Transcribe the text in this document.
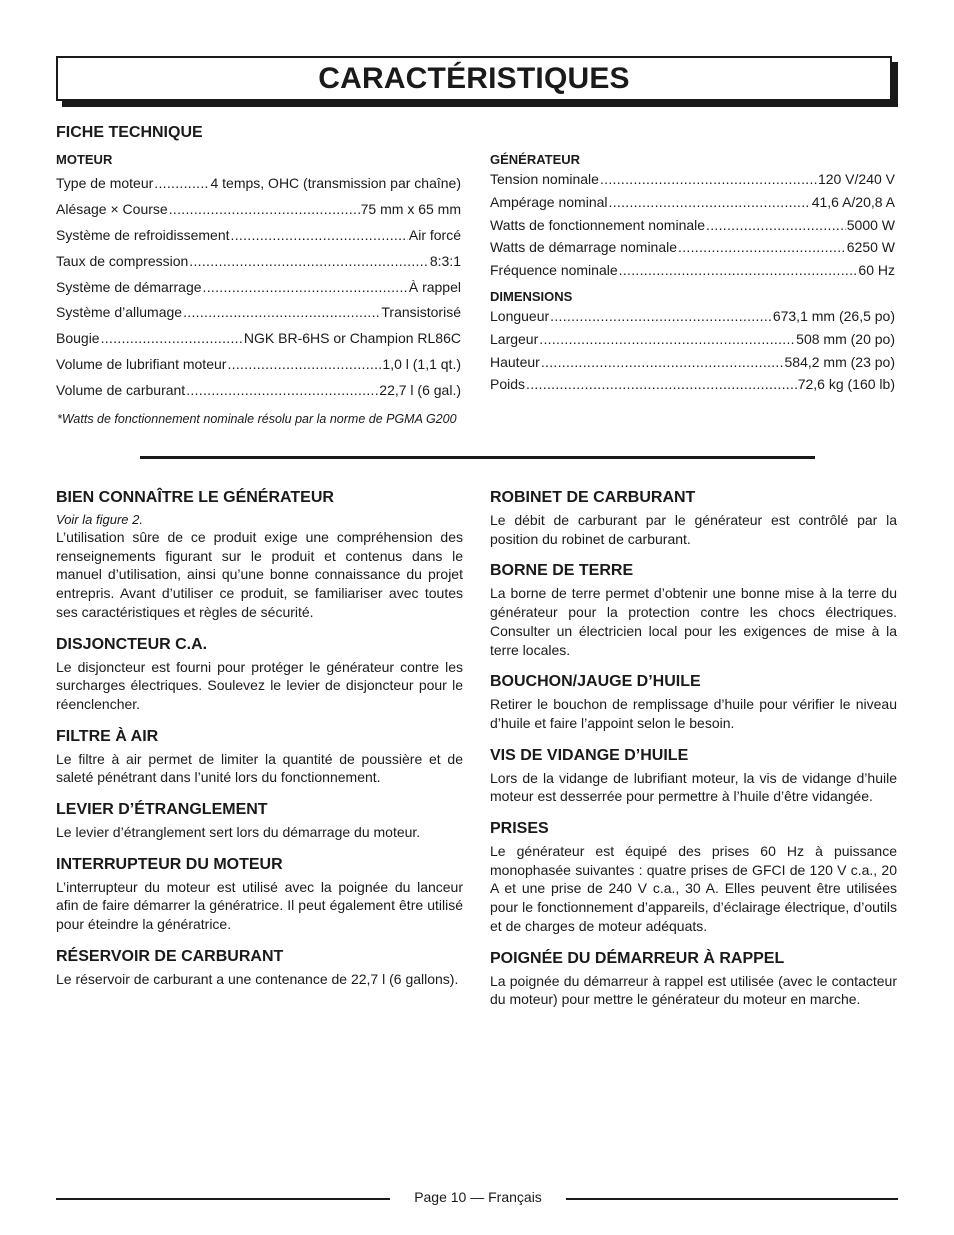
CARACTÉRISTIQUES
FICHE TECHNIQUE
MOTEUR
Type de moteur .....	4 temps, OHC (transmission par chaîne)
Alésage × Course .....	75 mm x 65 mm
Système de refroidissement .....	Air forcé
Taux de compression .....	8:3:1
Système de démarrage .....	À rappel
Système d’allumage .....	Transistorisé
Bougie .....	NGK BR-6HS or Champion RL86C
Volume de lubrifiant moteur .....	1,0 l (1,1 qt.)
Volume de carburant .....	22,7 l (6 gal.)
GÉNÉRATEUR
Tension nominale .....	120 V/240 V
Ampérage nominal .....	41,6 A/20,8 A
Watts de fonctionnement nominale .....	5000 W
Watts de démarrage nominale .....	6250 W
Fréquence nominale .....	60 Hz
DIMENSIONS
Longueur .....	673,1 mm (26,5 po)
Largeur .....	508 mm (20 po)
Hauteur .....	584,2 mm (23 po)
Poids .....	72,6 kg (160 lb)

*Watts de fonctionnement nominale résolu par la norme de PGMA G200

BIEN CONNAÎTRE LE GÉNÉRATEUR

Voir la figure 2.

L’utilisation sûre de ce produit exige une compréhension des renseignements figurant sur le produit et contenus dans le manuel d’utilisation, ainsi qu’une bonne connaissance du projet entrepris. Avant d’utiliser ce produit, se familiariser avec toutes ses caractéristiques et règles de sécurité.

DISJONCTEUR C.A.

Le disjoncteur est fourni pour protéger le générateur contre les surcharges électriques. Soulevez le levier de disjoncteur pour le réenclencher.

FILTRE À AIR

Le filtre à air permet de limiter la quantité de poussière et de saleté pénétrant dans l’unité lors du fonctionnement.

LEVIER D’ÉTRANGLEMENT

Le levier d’étranglement sert lors du démarrage du moteur.

INTERRUPTEUR DU MOTEUR

L’interrupteur du moteur est utilisé avec la poignée du lanceur afin de faire démarrer la génératrice. Il peut également être utilisé pour éteindre la génératrice.

RÉSERVOIR DE CARBURANT

Le réservoir de carburant a une contenance de 22,7 l (6 gallons).

ROBINET DE CARBURANT

Le débit de carburant par le générateur est contrôlé par la position du robinet de carburant.

BORNE DE TERRE

La borne de terre permet d’obtenir une bonne mise à la terre du générateur pour la protection contre les chocs électriques. Consulter un électricien local pour les exigences de mise à la terre locales.

BOUCHON/JAUGE D’HUILE

Retirer le bouchon de remplissage d’huile pour vérifier le niveau d’huile et faire l’appoint selon le besoin.

VIS DE VIDANGE D’HUILE

Lors de la vidange de lubrifiant moteur, la vis de vidange d’huile moteur est desserrée pour permettre à l’huile d’être vidangée.

PRISES

Le générateur est équipé des prises 60 Hz à puissance monophasée suivantes : quatre prises de GFCI de 120 V c.a., 20 A et une prise de 240 V c.a., 30 A. Elles peuvent être utilisées pour le fonctionnement d’appareils, d’éclairage électrique, d’outils et de charges de moteur adéquats.

POIGNÉE DU DÉMARREUR À RAPPEL

La poignée du démarreur à rappel est utilisée (avec le contacteur du moteur) pour mettre le générateur du moteur en marche.

Page 10 — Français
